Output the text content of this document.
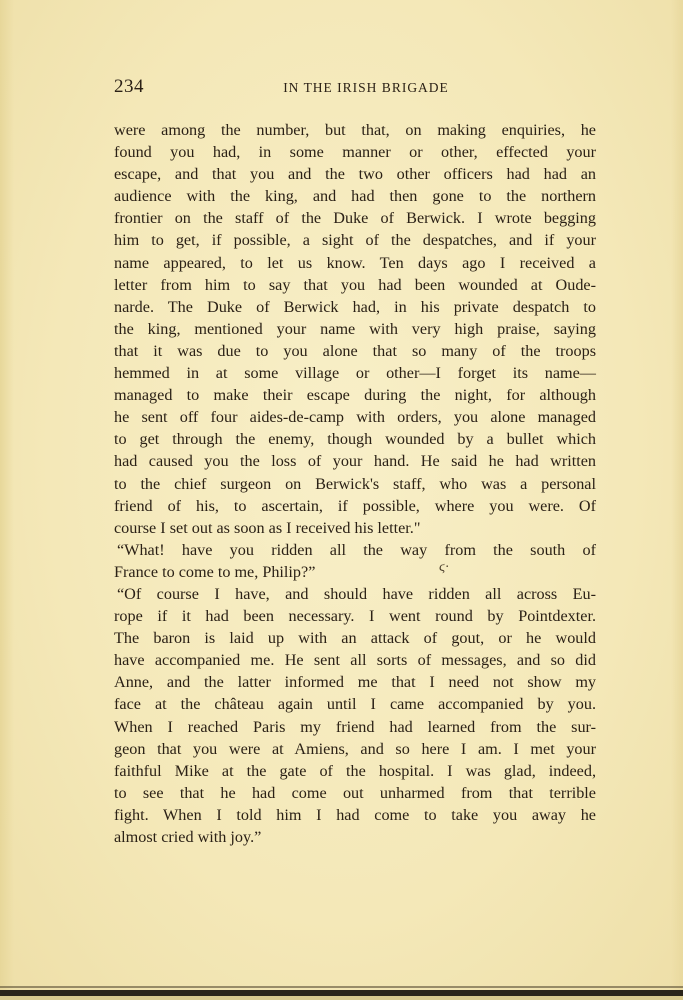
234	IN THE IRISH BRIGADE
were among the number, but that, on making enquiries, he
found you had, in some manner or other, effected your
escape, and that you and the two other officers had had an
audience with the king, and had then gone to the northern
frontier on the staff of the Duke of Berwick. I wrote begging
him to get, if possible, a sight of the despatches, and if your
name appeared, to let us know. Ten days ago I received a
letter from him to say that you had been wounded at Oude-
narde. The Duke of Berwick had, in his private despatch to
the king, mentioned your name with very high praise, saying
that it was due to you alone that so many of the troops
hemmed in at some village or other—I forget its name—
managed to make their escape during the night, for although
he sent off four aides-de-camp with orders, you alone managed
to get through the enemy, though wounded by a bullet which
had caused you the loss of your hand. He said he had written
to the chief surgeon on Berwick's staff, who was a personal
friend of his, to ascertain, if possible, where you were. Of
course I set out as soon as I received his letter."
“What! have you ridden all the way from the south of
France to come to me, Philip?”
“Of course I have, and should have ridden all across Eu-
rope if it had been necessary. I went round by Pointdexter.
The baron is laid up with an attack of gout, or he would
have accompanied me. He sent all sorts of messages, and so did
Anne, and the latter informed me that I need not show my
face at the château again until I came accompanied by you.
When I reached Paris my friend had learned from the sur-
geon that you were at Amiens, and so here I am. I met your
faithful Mike at the gate of the hospital. I was glad, indeed,
to see that he had come out unharmed from that terrible
fight. When I told him I had come to take you away he
almost cried with joy.”
ϛ·
